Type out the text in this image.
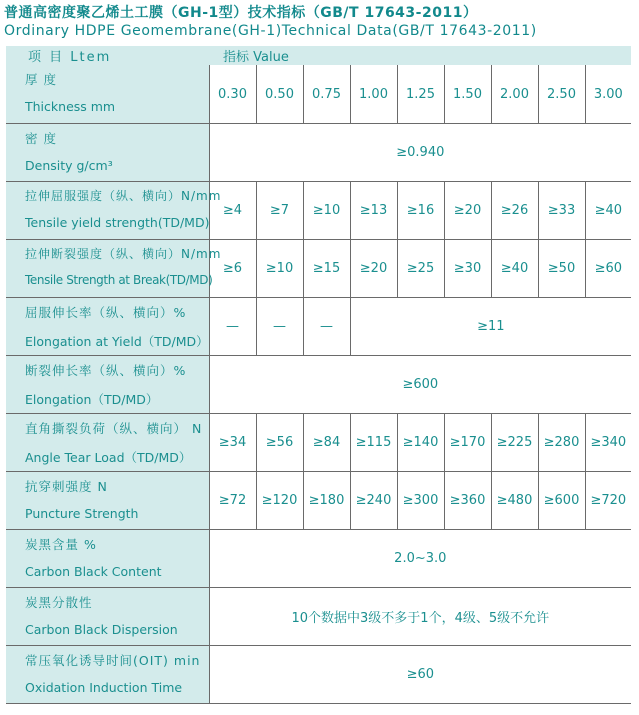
普通高密度聚乙烯土工膜（GH-1型）技术指标（GB/T 17643-2011）
Ordinary HDPE Geomembrane(GH-1)Technical Data(GB/T 17643-2011)
项 目 Ltem	指标 Value								

厚 度
Thickness mm	0.30	0.50	0.75	1.00	1.25	1.50	2.00	2.50	3.00

密 度
Density g/cm³	≥0.940								

拉伸屈服强度（纵、横向）N/mm
Tensile yield strength(TD/MD)	≥4	≥7	≥10	≥13	≥16	≥20	≥26	≥33	≥40

拉伸断裂强度（纵、横向）N/mm
Tensile Strength at Break(TD/MD)	≥6	≥10	≥15	≥20	≥25	≥30	≥40	≥50	≥60

屈服伸长率（纵、横向）%
Elongation at Yield（TD/MD）	—	—	—	≥11					

断裂伸长率（纵、横向）%
Elongation（TD/MD）	≥600								

直角撕裂负荷（纵、横向） N
Angle Tear Load（TD/MD）	≥34	≥56	≥84	≥115	≥140	≥170	≥225	≥280	≥340

抗穿刺强度 N
Puncture Strength	≥72	≥120	≥180	≥240	≥300	≥360	≥480	≥600	≥720

炭黑含量 %
Carbon Black Content	2.0~3.0								

炭黑分散性
Carbon Black Dispersion	10个数据中3级不多于1个，4级、5级不允许								

常压氧化诱导时间(OIT) min
Oxidation Induction Time	≥60								
